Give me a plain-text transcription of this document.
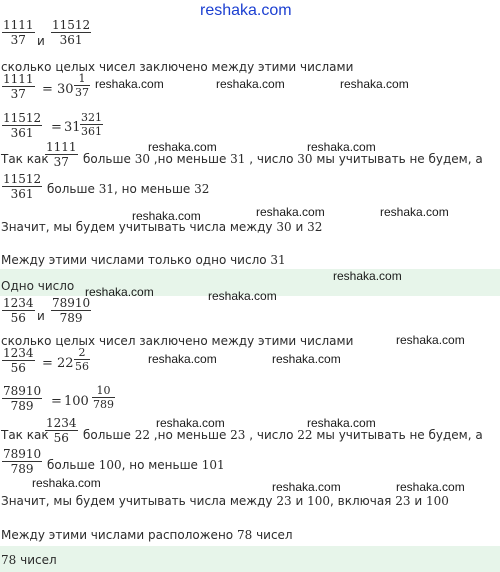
reshaka.com
$\frac{1111}{37}$ и $\frac{11512}{361}$
сколько целых чисел заключено между этими числами
$\frac{1111}{37} = 30$
1
37
reshaka.com	reshaka.com	reshaka.com
$\frac{11512}{361} = 31$
321
361
reshaka.com	reshaka.com
Так как
$\frac{1111}{37}$ больше 30 ,но меньше 31 , число 30 мы учитывать не будем, а
$\frac{11512}{361}$ больше 31, но меньше 32
reshaka.com	reshaka.com	reshaka.com
Значит, мы будем учитывать числа между 30 и 32
Между этими числами только одно число 31
reshaka.com
Одно число
$\frac{1234}{56}$
reshaka.com
и $\frac{78910}{789}$	reshaka.com
сколько целых чисел заключено между этими числами	reshaka.com
$\frac{1234}{56} = 22$
2
56
reshaka.com	reshaka.com
$\frac{78910}{789} = 100$
10
789
reshaka.com	reshaka.com
Так как
$\frac{1234}{56}$ больше 22 ,но меньше 23 , число 22 мы учитывать не будем, а
$\frac{78910}{789}$ больше 100, но меньше 101
reshaka.com	reshaka.com	reshaka.com
Значит, мы будем учитывать числа между 23 и 100, включая 23 и 100
Между этими числами расположено 78 чисел
78 чисел
